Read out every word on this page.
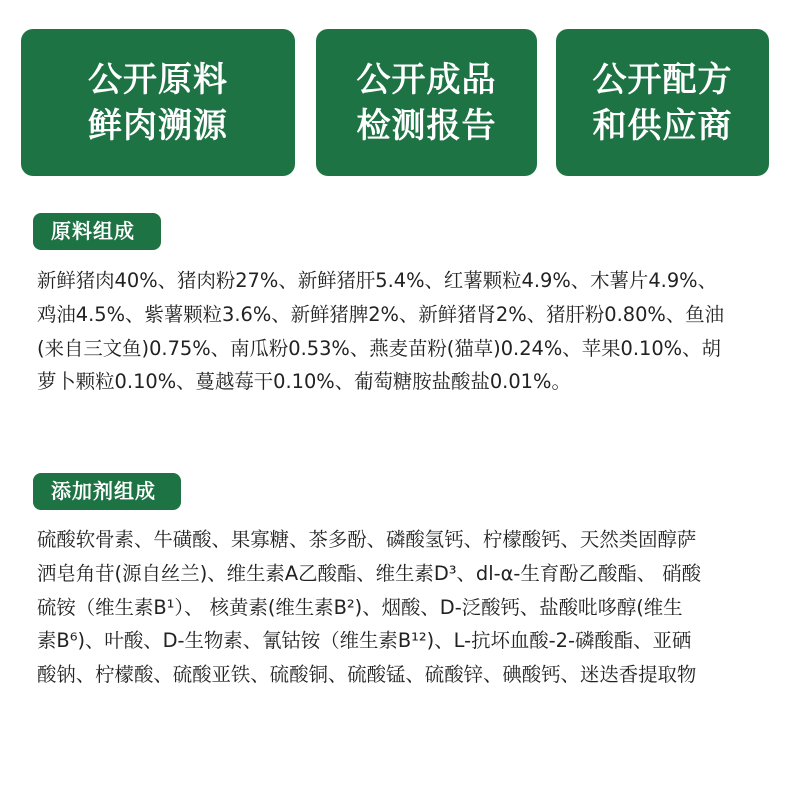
公开原料
鲜肉溯源
公开成品
检测报告
公开配方
和供应商
原料组成
新鲜猪肉40%、猪肉粉27%、新鲜猪肝5.4%、红薯颗粒4.9%、木薯片4.9%、
鸡油4.5%、紫薯颗粒3.6%、新鲜猪脾2%、新鲜猪肾2%、猪肝粉0.80%、鱼油
(来自三文鱼)0.75%、南瓜粉0.53%、燕麦苗粉(猫草)0.24%、苹果0.10%、胡
萝卜颗粒0.10%、蔓越莓干0.10%、葡萄糖胺盐酸盐0.01%。
添加剂组成
硫酸软骨素、牛磺酸、果寡糖、茶多酚、磷酸氢钙、柠檬酸钙、天然类固醇萨
洒皂角苷(源自丝兰)、维生素A乙酸酯、维生素D³、dl-α-生育酚乙酸酯、 硝酸
硫铵（维生素B¹）、 核黄素(维生素B²)、烟酸、D-泛酸钙、盐酸吡哆醇(维生
素B⁶)、叶酸、D-生物素、氰钴铵（维生素B¹²)、L-抗坏血酸-2-磷酸酯、亚硒
酸钠、柠檬酸、硫酸亚铁、硫酸铜、硫酸锰、硫酸锌、碘酸钙、迷迭香提取物
